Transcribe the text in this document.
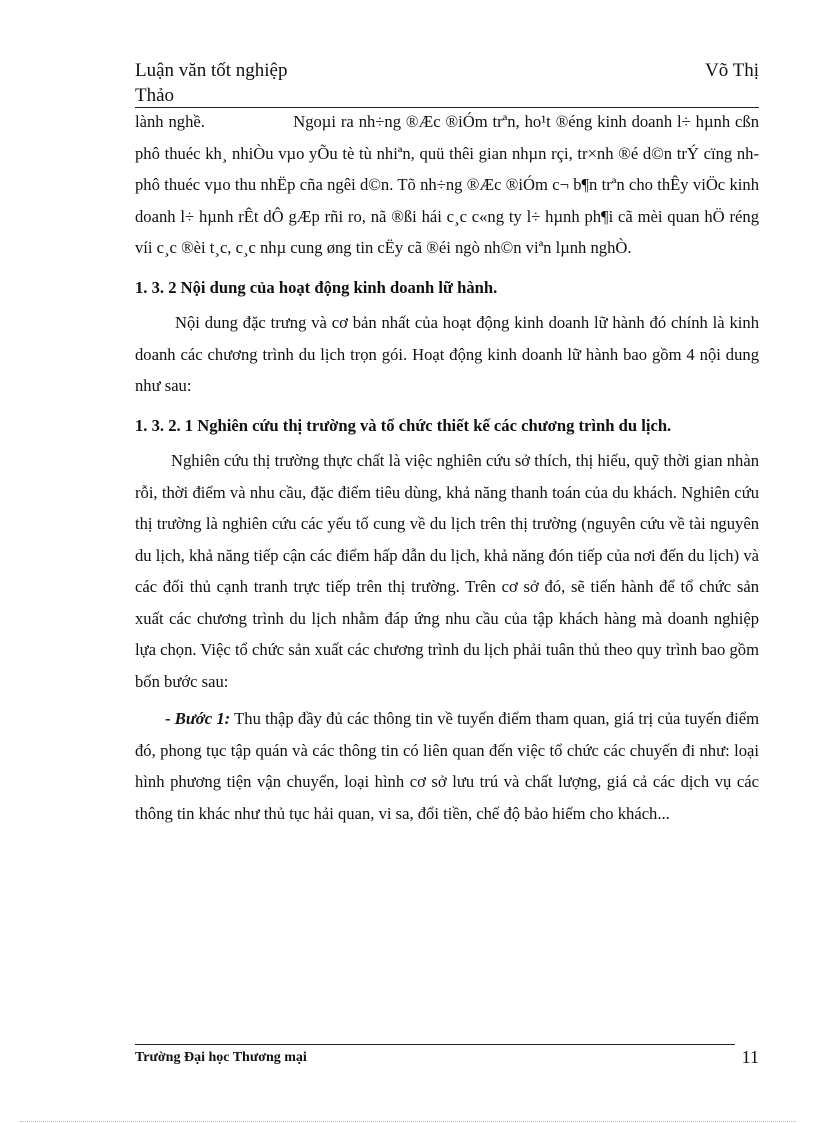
Luận văn tốt nghiệp	Võ Thị
Thảo

lành nghề.                  Ngoµi ra nh÷ng ®Æc ®iÓm trªn, ho¹t ®éng kinh doanh l÷ hµnh cßn phô thuéc kh¸ nhiÒu vµo yÕu tè tù nhiªn, quü thêi gian nhµn rçi, tr×nh ®é d©n trÝ cïng nh phô thuéc vµo thu nhËp cña ngêi d©n. Tõ nh÷ng ®Æc ®iÓm c¬ b¶n trªn cho thÊy viÖc kinh doanh l÷ hµnh rÊt dÔ gÆp rñi ro, nã ®ßi hái c¸c c«ng ty l÷ hµnh ph¶i cã mèi quan hÖ réng víi c¸c ®èi t¸c, c¸c nhµ cung øng tin cËy cã ®éi ngò nh©n viªn lµnh nghÒ.

1. 3. 2 Nội dung của hoạt động kinh doanh lữ hành.

Nội dung đặc trưng và cơ bản nhất của hoạt động kinh doanh lữ hành đó chính là kinh doanh các chương trình du lịch trọn gói. Hoạt động kinh doanh lữ hành bao gồm 4 nội dung như sau:

1. 3. 2. 1 Nghiên cứu thị trường và tổ chức thiết kế các chương trình du lịch.

Nghiên cứu thị trường thực chất là việc nghiên cứu sở thích, thị hiếu, quỹ thời gian nhàn rỗi, thời điểm và nhu cầu, đặc điểm tiêu dùng, khả năng thanh toán của du khách. Nghiên cứu thị trường là nghiên cứu các yếu tố cung về du lịch trên thị trường (nguyên cứu về tài nguyên du lịch, khả năng tiếp cận các điểm hấp dẫn du lịch, khả năng đón tiếp của nơi đến du lịch) và các đối thủ cạnh tranh trực tiếp trên thị trường. Trên cơ sở đó, sẽ tiến hành để tổ chức sản xuất các chương trình du lịch nhằm đáp ứng nhu cầu của tập khách hàng mà doanh nghiệp lựa chọn. Việc tổ chức sản xuất các chương trình du lịch phải tuân thủ theo quy trình bao gồm bốn bước sau:

- Bước 1: Thu thập đầy đủ các thông tin về tuyến điểm tham quan, giá trị của tuyến điểm đó, phong tục tập quán và các thông tin có liên quan đến việc tổ chức các chuyến đi như: loại hình phương tiện vận chuyển, loại hình cơ sở lưu trú và chất lượng, giá cả các dịch vụ các thông tin khác như thủ tục hải quan, vi sa, đổi tiền, chế độ bảo hiểm cho khách...

Trường Đại học Thương mại	11
